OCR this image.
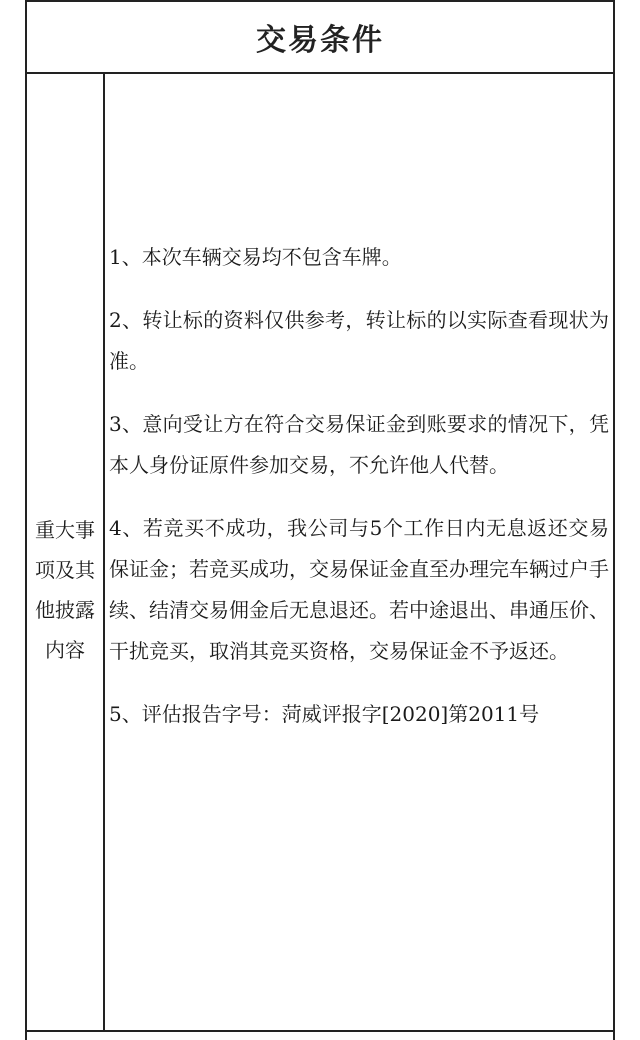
交易条件
重大事项及其他披露内容
1、本次车辆交易均不包含车牌。
2、转让标的资料仅供参考，转让标的以实际查看现状为准。
3、意向受让方在符合交易保证金到账要求的情况下，凭本人身份证原件参加交易，不允许他人代替。
4、若竞买不成功，我公司与5个工作日内无息返还交易保证金；若竞买成功，交易保证金直至办理完车辆过户手续、结清交易佣金后无息退还。若中途退出、串通压价、干扰竞买，取消其竞买资格，交易保证金不予返还。
5、评估报告字号：菏威评报字[2020]第2011号
